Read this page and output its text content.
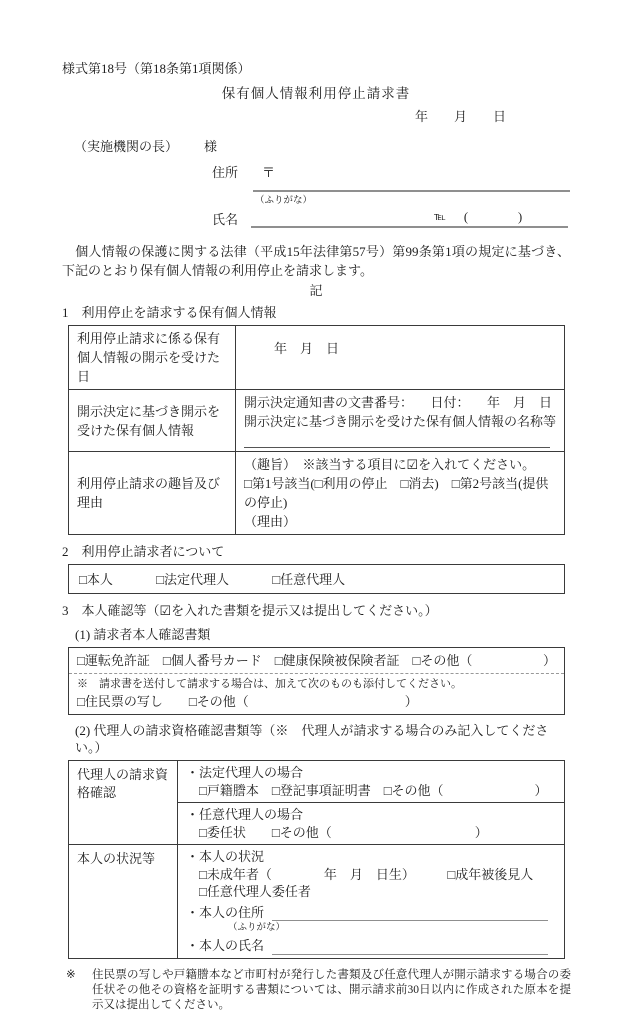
様式第18号（第18条第1項関係）
保有個人情報利用停止請求書
年　　月　　日
（実施機関の長） 様
住所 〒
（ふりがな）
氏名	℡ (　　　　)
　個人情報の保護に関する法律（平成15年法律第57号）第99条第1項の規定に基づき、下記のとおり保有個人情報の利用停止を請求します。
記
1　利用停止を請求する保有個人情報
利用停止請求に係る保有個人情報の開示を受けた日	年　月　日

開示決定に基づき開示を受けた保有個人情報	開示決定通知書の文書番号： 日付： 年　月　日
開示決定に基づき開示を受けた保有個人情報の名称等

利用停止請求の趣旨及び理由	（趣旨）　※該当する項目に☑を入れてください。
□第1号該当(□利用の停止　□消去)　□第2号該当(提供の停止)
（理由）
2　利用停止請求者について
□本人	□法定代理人	□任意代理人
3　本人確認等（☑を入れた書類を提示又は提出してください。）
(1) 請求者本人確認書類
□運転免許証　□個人番号カード　□健康保険被保険者証　□その他（	）

※　請求書を送付して請求する場合は、加えて次のものも添付してください。
□住民票の写し　　□その他（　　　　　　　　　　　　）
(2) 代理人の請求資格確認書類等（※　代理人が請求する場合のみ記入してください。）
代理人の請求資格確認	・法定代理人の場合
□戸籍謄本　□登記事項証明書　□その他（　　　　　　　）

	・任意代理人の場合
□委任状　　□その他（　　　　　　　　　　　）

本人の状況等	・本人の状況
□未成年者（　　　　年　月　日生）　　　□成年被後見人
□任意代理人委任者
・本人の住所
（ふりがな）
・本人の氏名
※	住民票の写しや戸籍謄本など市町村が発行した書類及び任意代理人が開示請求する場合の委任状その他その資格を証明する書類については、開示請求前30日以内に作成された原本を提示又は提出してください。
